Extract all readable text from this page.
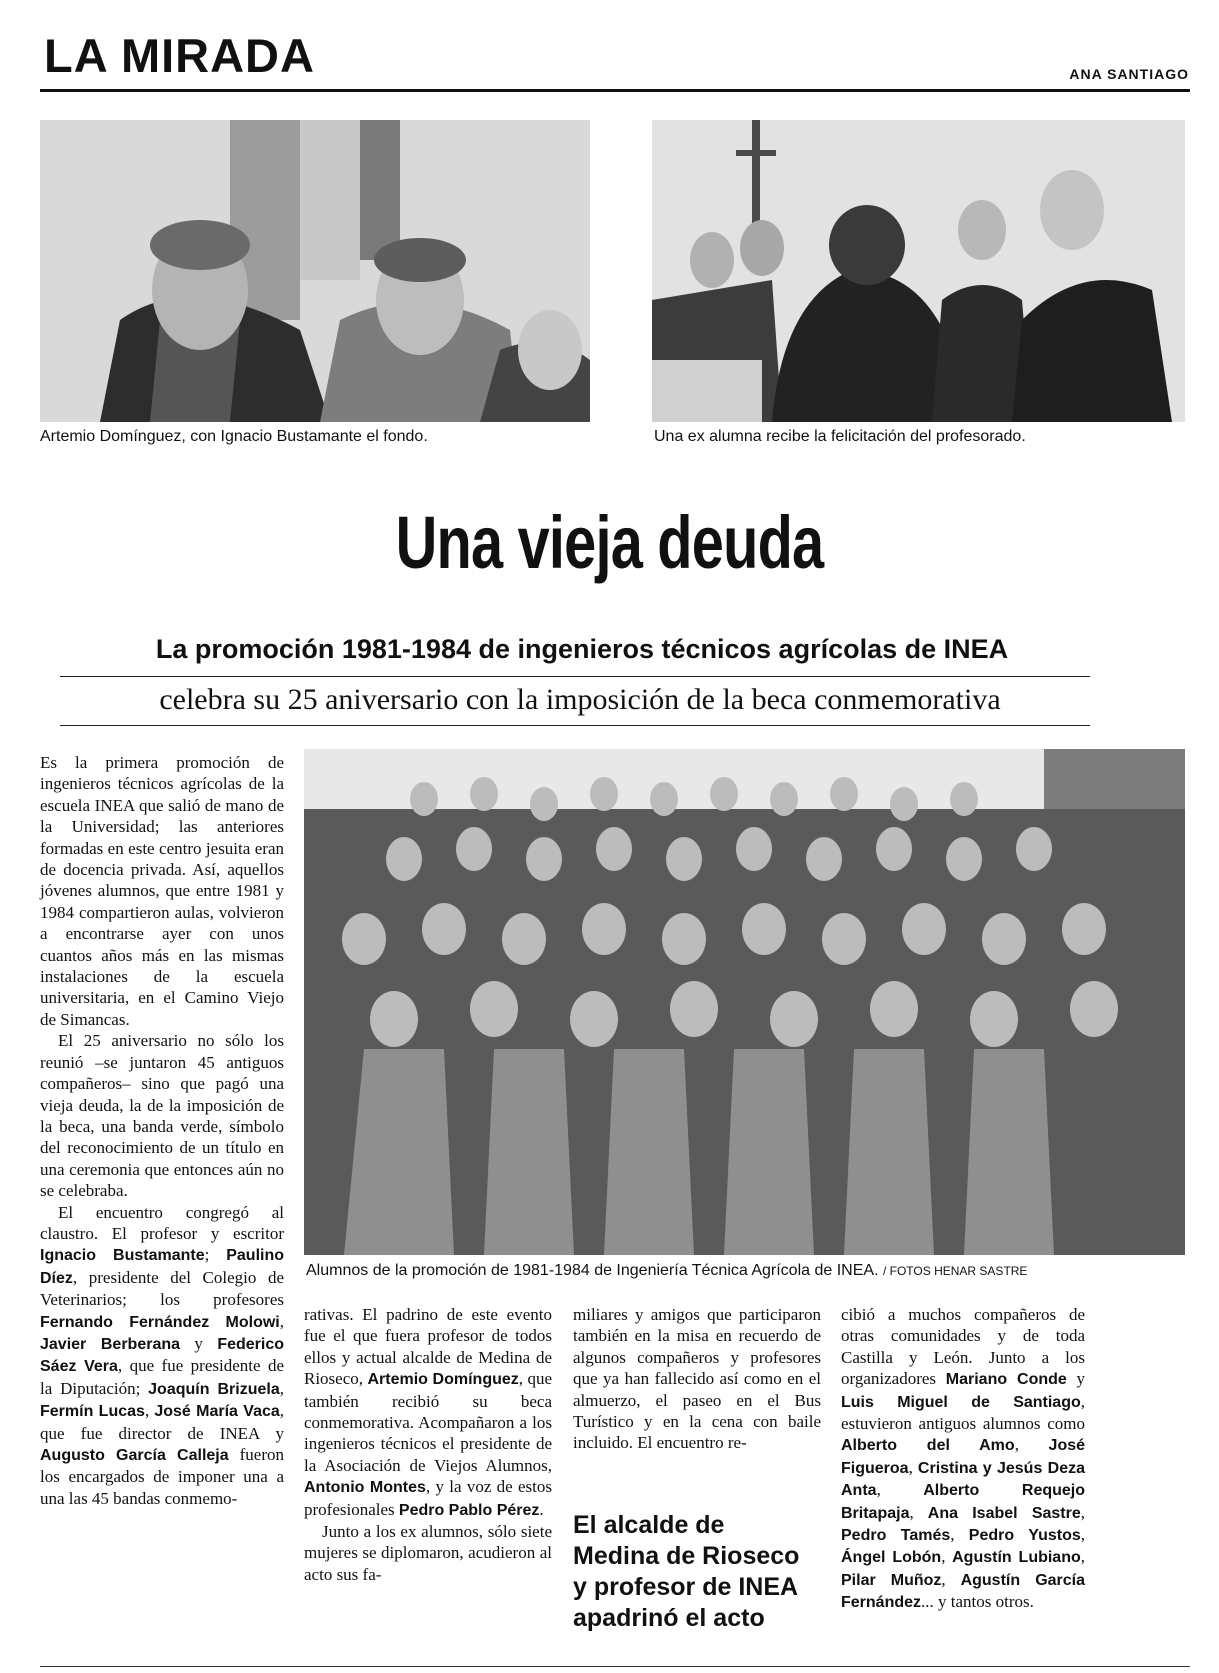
LA MIRADA	ANA SANTIAGO
Artemio Domínguez, con Ignacio Bustamante el fondo.	Una ex alumna recibe la felicitación del profesorado.
Una vieja deuda
La promoción 1981-1984 de ingenieros técnicos agrícolas de INEA
celebra su 25 aniversario con la imposición de la beca conmemorativa

Es la primera promoción de ingenieros técnicos agrícolas de la escuela INEA que salió de mano de la Universidad; las anteriores formadas en este centro jesuita eran de docencia privada. Así, aquellos jóvenes alumnos, que entre 1981 y 1984 compartieron aulas, volvieron a encontrarse ayer con unos cuantos años más en las mismas instalaciones de la escuela universitaria, en el Camino Viejo de Simancas.

El 25 aniversario no sólo los reunió –se juntaron 45 antiguos compañeros– sino que pagó una vieja deuda, la de la imposición de la beca, una banda verde, símbolo del reconocimiento de un título en una ceremonia que entonces aún no se celebraba.

El encuentro congregó al claustro. El profesor y escritor Ignacio Bustamante; Paulino Díez, presidente del Colegio de Veterinarios; los profesores Fernando Fernández Molowi, Javier Berberana y Federico Sáez Vera, que fue presidente de la Diputación; Joaquín Brizuela, Fermín Lucas, José María Vaca, que fue director de INEA y Augusto García Calleja fueron los encargados de imponer una a una las 45 bandas conmemo-

Alumnos de la promoción de 1981-1984 de Ingeniería Técnica Agrícola de INEA. / FOTOS HENAR SASTRE

rativas. El padrino de este evento fue el que fuera profesor de todos ellos y actual alcalde de Medina de Rioseco, Artemio Domínguez, que también recibió su beca conmemorativa. Acompañaron a los ingenieros técnicos el presidente de la Asociación de Viejos Alumnos, Antonio Montes, y la voz de estos profesionales Pedro Pablo Pérez.

Junto a los ex alumnos, sólo siete mujeres se diplomaron, acudieron al acto sus fa-

miliares y amigos que participaron también en la misa en recuerdo de algunos compañeros y profesores que ya han fallecido así como en el almuerzo, el paseo en el Bus Turístico y en la cena con baile incluido. El encuentro re-

El alcalde de Medina de Rioseco y profesor de INEA apadrinó el acto

cibió a muchos compañeros de otras comunidades y de toda Castilla y León. Junto a los organizadores Mariano Conde y Luis Miguel de Santiago, estuvieron antiguos alumnos como Alberto del Amo, José Figueroa, Cristina y Jesús Deza Anta, Alberto Requejo Britapaja, Ana Isabel Sastre, Pedro Tamés, Pedro Yustos, Ángel Lobón, Agustín Lubiano, Pilar Muñoz, Agustín García Fernández... y tantos otros.
